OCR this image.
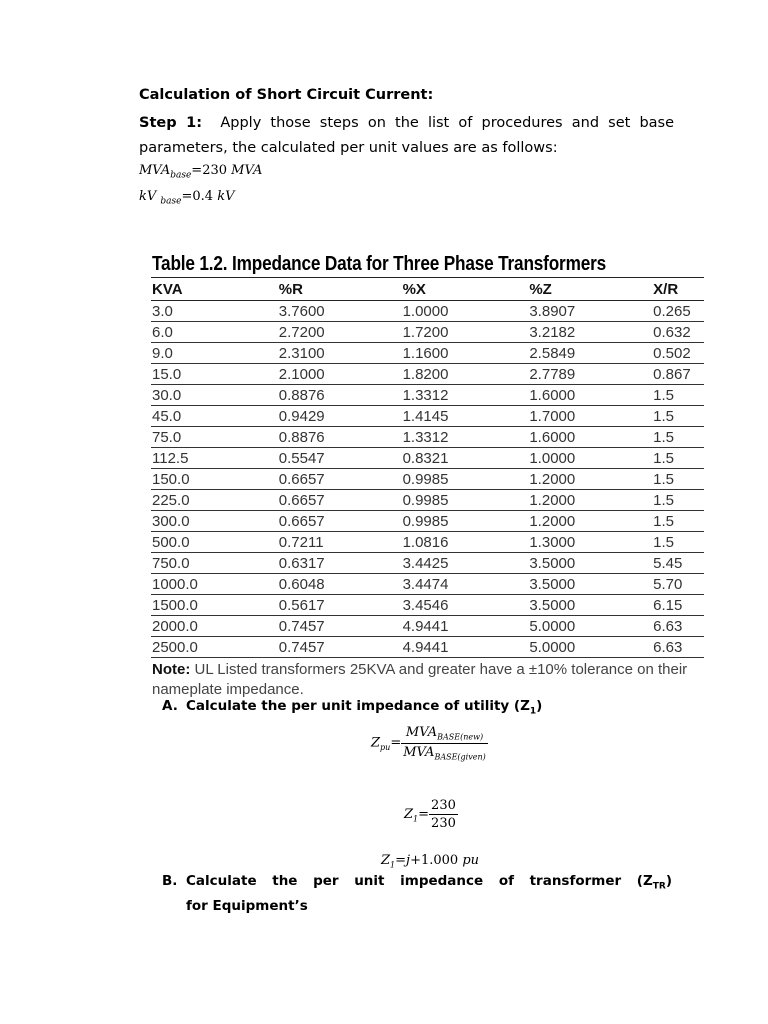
Calculation of Short Circuit Current:
Step 1: Apply those steps on the list of procedures and set base parameters, the calculated per unit values are as follows:
$MVA_{base}=230$ MVA
kV $_{base}$=0.4 kV
Table 1.2. Impedance Data for Three Phase Transformers
KVA	%R	%X	%Z	X/R
3.0	3.7600	1.0000	3.8907	0.265
6.0	2.7200	1.7200	3.2182	0.632
9.0	2.3100	1.1600	2.5849	0.502
15.0	2.1000	1.8200	2.7789	0.867
30.0	0.8876	1.3312	1.6000	1.5
45.0	0.9429	1.4145	1.7000	1.5
75.0	0.8876	1.3312	1.6000	1.5
112.5	0.5547	0.8321	1.0000	1.5
150.0	0.6657	0.9985	1.2000	1.5
225.0	0.6657	0.9985	1.2000	1.5
300.0	0.6657	0.9985	1.2000	1.5
500.0	0.7211	1.0816	1.3000	1.5
750.0	0.6317	3.4425	3.5000	5.45
1000.0	0.6048	3.4474	3.5000	5.70
1500.0	0.5617	3.4546	3.5000	6.15
2000.0	0.7457	4.9441	5.0000	6.63
2500.0	0.7457	4.9441	5.0000	6.63
Note: UL Listed transformers 25KVA and greater have a ±10% tolerance on their nameplate impedance.
A. Calculate the per unit impedance of utility $(Z_1)$
$Z_{pu}= \frac{MVA_{BASE(new)}}{MVA_{BASE(given)}}$
$Z_1= \frac{230}{230}$
$Z_1=j+1.000$ pu
B. Calculate the per unit impedance of transformer $(Z_{TR})$
for Equipment’s
